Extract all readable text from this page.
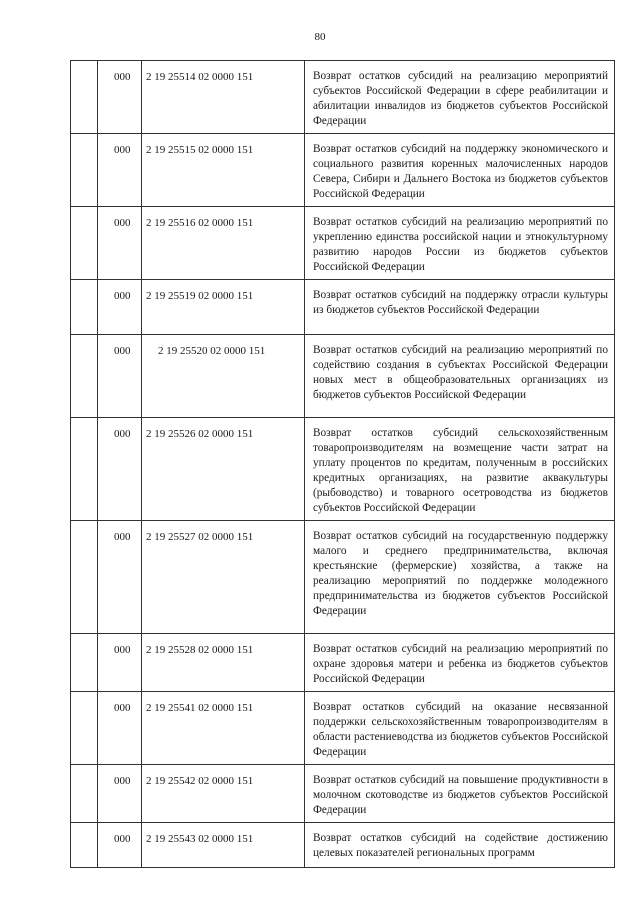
80
	000	2 19 25514 02 0000 151	Возврат остатков субсидий на реализацию мероприятий субъектов Российской Федерации в сфере реабилитации и абилитации инвалидов из бюджетов субъектов Российской Федерации
	000	2 19 25515 02 0000 151	Возврат остатков субсидий на поддержку экономического и социального развития коренных малочисленных народов Севера, Сибири и Дальнего Востока из бюджетов субъектов Российской Федерации
	000	2 19 25516 02 0000 151	Возврат остатков субсидий на реализацию мероприятий по укреплению единства российской нации и этнокультурному развитию народов России из бюджетов субъектов Российской Федерации
	000	2 19 25519 02 0000 151	Возврат остатков субсидий на поддержку отрасли культуры из бюджетов субъектов Российской Федерации
	000	2 19 25520 02 0000 151	Возврат остатков субсидий на реализацию мероприятий по содействию создания в субъектах Российской Федерации новых мест в общеобразовательных организациях из бюджетов субъектов Российской Федерации
	000	2 19 25526 02 0000 151	Возврат остатков субсидий сельскохозяйственным товаропроизводителям на возмещение части затрат на уплату процентов по кредитам, полученным в российских кредитных организациях, на развитие аквакультуры (рыбоводство) и товарного осетроводства из бюджетов субъектов Российской Федерации
	000	2 19 25527 02 0000 151	Возврат остатков субсидий на государственную поддержку малого и среднего предпринимательства, включая крестьянские (фермерские) хозяйства, а также на реализацию мероприятий по поддержке молодежного предпринимательства из бюджетов субъектов Российской Федерации
	000	2 19 25528 02 0000 151	Возврат остатков субсидий на реализацию мероприятий по охране здоровья матери и ребенка из бюджетов субъектов Российской Федерации
	000	2 19 25541 02 0000 151	Возврат остатков субсидий на оказание несвязанной поддержки сельскохозяйственным товаропроизводителям в области растениеводства из бюджетов субъектов Российской Федерации
	000	2 19 25542 02 0000 151	Возврат остатков субсидий на повышение продуктивности в молочном скотоводстве из бюджетов субъектов Российской Федерации
	000	2 19 25543 02 0000 151	Возврат остатков субсидий на содействие достижению целевых показателей региональных программ
